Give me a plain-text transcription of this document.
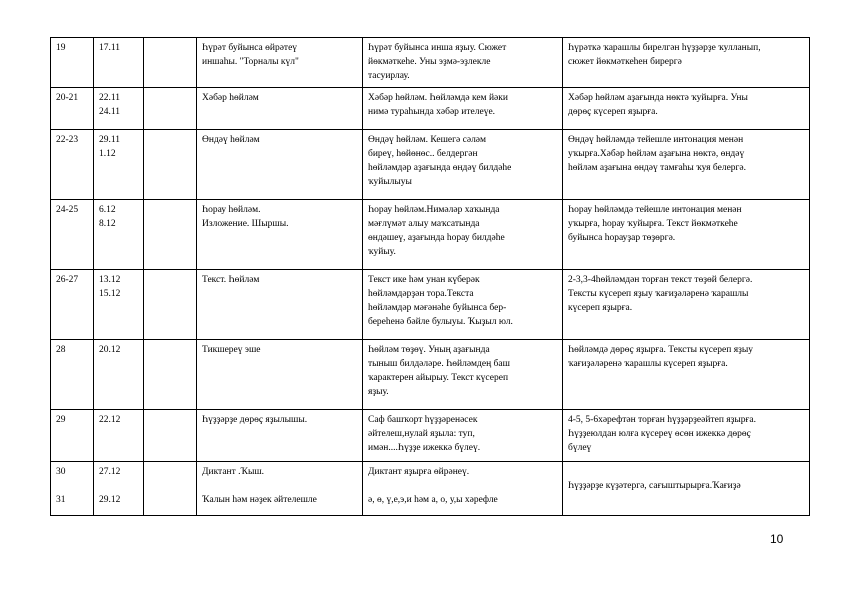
19	17.11		Һүрәт буйынса өйрәтеү
иншаһы. "Торналы күл"	Һүрәт буйынса инша яҙыу. Сюжет
йөкмәткеһе. Уны эҙмә-эҙлекле
тасуирлау.	Һүрәткә ҡарашлы бирелгән һүҙҙәрҙе ҡулланып,
сюжет йөкмәткеһен бирергә

20-21	22.11
24.11		Хәбәр һөйләм	Хәбәр һөйләм. Һөйләмдә кем йәки
нимә тураһында хәбәр ителеүе.	Хәбәр һөйләм аҙағында нөктә ҡуйырға. Уны
дөрөҫ күсереп яҙырға.

22-23	29.11
1.12		Өндәү һөйләм	Өндәү һөйләм. Кешегә сәләм
биреү, һөйөнөс.. белдергән
һөйләмдәр аҙағында өндәү билдәһе
ҡуйылыуы	Өндәү һөйләмдә тейешле интонация менән
уҡырға.Хәбәр һөйләм аҙағына нөктә, өндәү
һөйләм аҙағына өндәү тамғаһы ҡуя белергә.

24-25	6.12
8.12		Һорау һөйләм.
Изложение. Шыршы.	Һорау һөйләм.Нимәләр хаҡында
мәғлүмәт алыу маҡсатында
өндәшеү, аҙағында һорау билдәһе
ҡуйыу.	Һорау һөйләмдә тейешле интонация менән
уҡырға, һорау ҡуйырға. Текст йөкмәткеһе
буйынса һорауҙар төҙөргә.

26-27	13.12
15.12		Текст. Һөйләм	Текст ике һәм унан күберәк
һөйләмдәрҙән тора.Текста
һөйләмдәр мәғәнәһе буйынса бер-
береһенә бәйле булыуы. Ҡыҙыл юл.	2-3,3-4һөйләмдән торған текст төҙөй белергә.
Тексты күсереп яҙыу ҡағиҙәләренә ҡарашлы
күсереп яҙырға.

28	20.12		Тикшереү эше	Һөйләм төҙөү. Уның аҙағында
тыныш билдәләре. Һөйләмдең баш
ҡарактерен айырыу. Текст күсереп
яҙыу.	Һөйләмдә дөрөҫ яҙырға. Тексты күсереп яҙыу
ҡағиҙәләренә ҡарашлы күсереп яҙырға.

29	22.12		Һүҙҙәрҙе дөрөҫ яҙылышы.	Саф башҡорт һүҙҙәренәсек
әйтелеш,нулай яҙыла: туп,
имән....Һүҙҙе ижеккә бүлеү.	4-5, 5-6хәрефтән торған һүҙҙәрҙеәйтеп яҙырға.
Һүҙҙеюлдан юлға күсереү өсөн ижеккә дөрөҫ
бүлеү

30
31	27.12
29.12		Диктант .Ҡыш.
Ҡалын һәм нәҙек әйтелешле	Диктант яҙырға өйрәнеү.
ә, ө, ү,е,э,и һәм а, о, у,ы хәрефле	Һүҙҙәрҙе күҙәтергә, сағыштырырға.Ҡағиҙә
10
